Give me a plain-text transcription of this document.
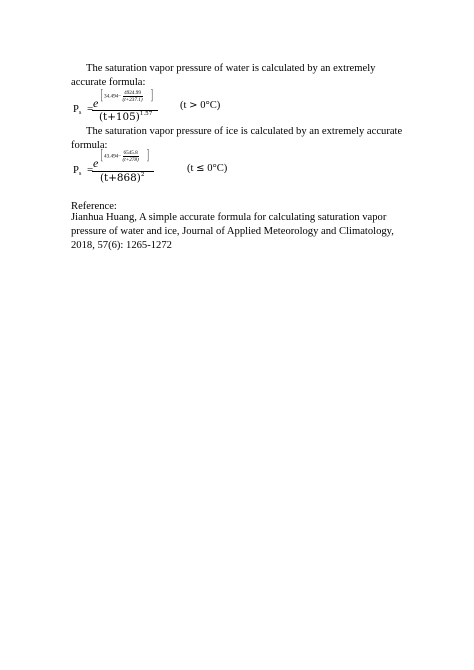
The saturation vapor pressure of water is calculated by an extremely accurate formula:
$P_s = e$ [ $34.494- \frac{4924.99}{(t+237.1)}$ ]
$(t+105)^{1.57}$
(t > 0°C)
The saturation vapor pressure of ice is calculated by an extremely accurate formula:
$P_s = e$ [ $43.494- \frac{6545.8}{(t+278)}$ ]
$(t+868)^2$
(t ≤ 0°C)
Reference:
Jianhua Huang, A simple accurate formula for calculating saturation vapor pressure of water and ice, Journal of Applied Meteorology and Climatology, 2018, 57(6): 1265-1272
